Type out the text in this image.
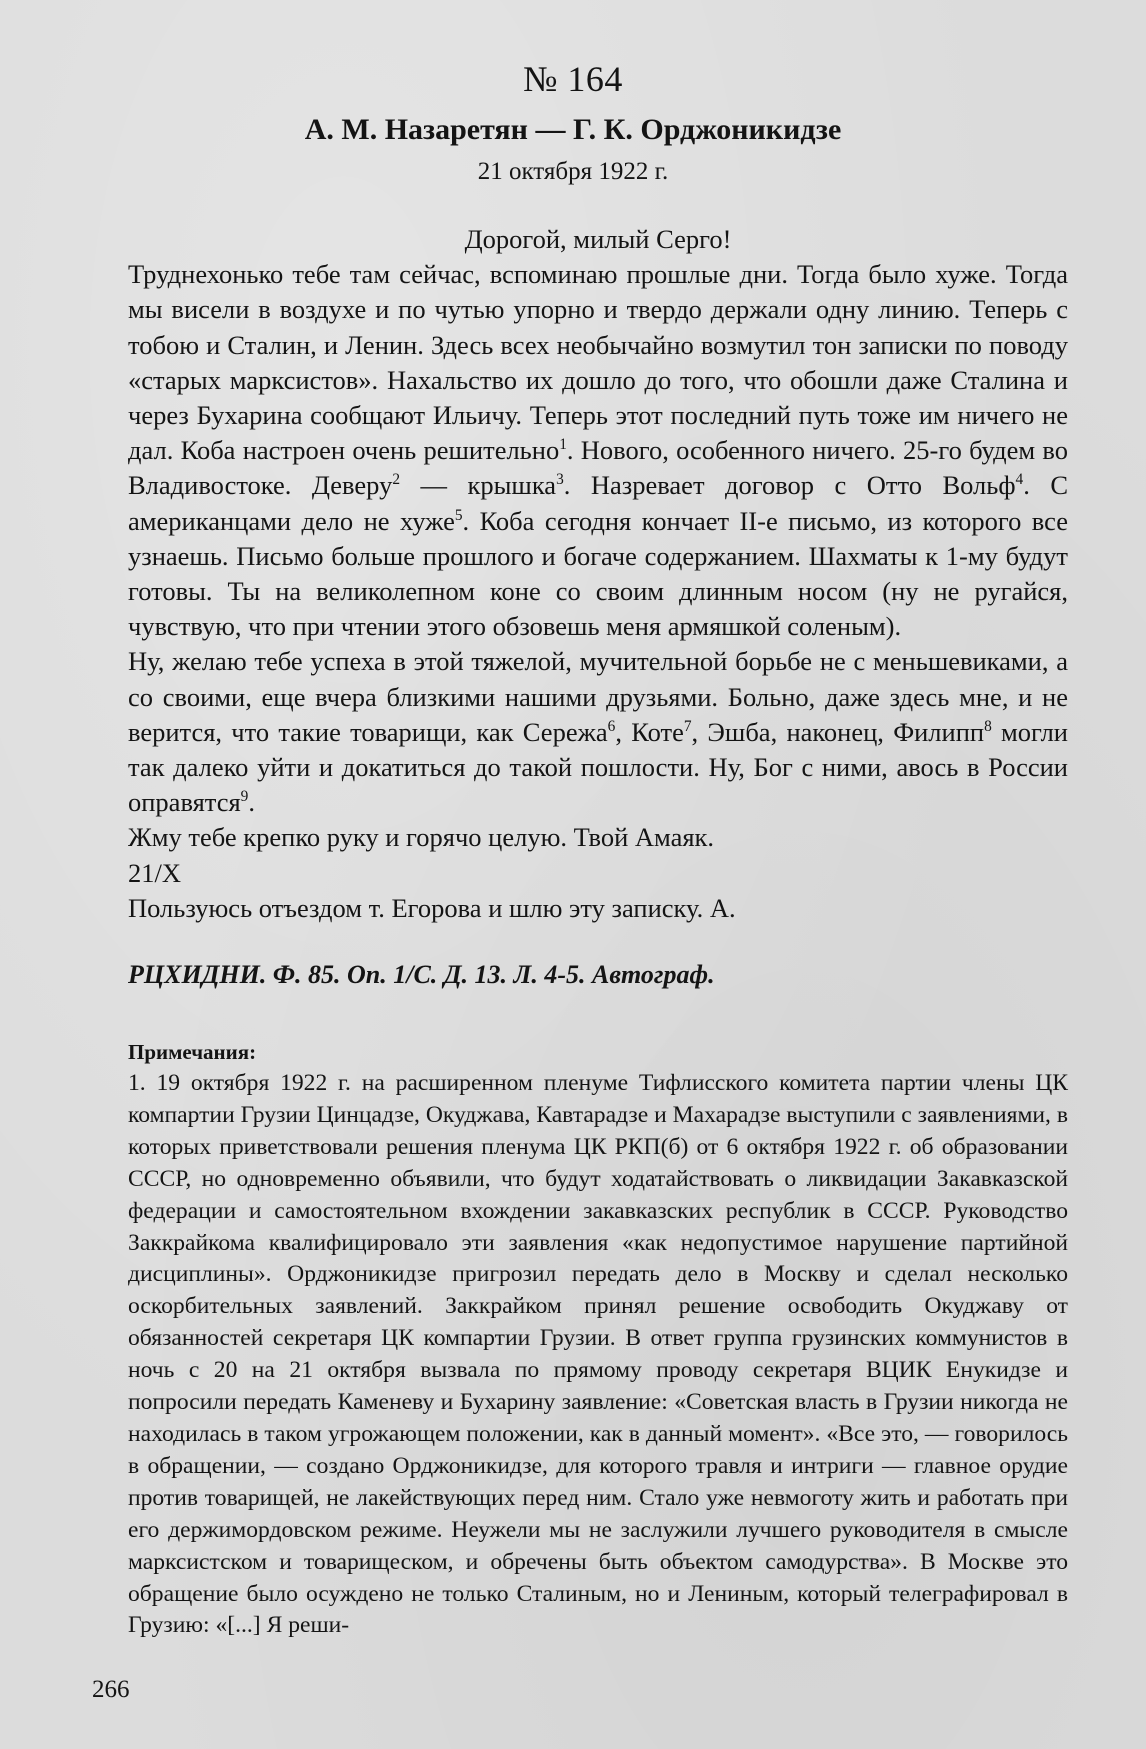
№ 164
А. М. Назаретян — Г. К. Орджоникидзе
21 октября 1922 г.

Дорогой, милый Серго!

Труднехонько тебе там сейчас, вспоминаю прошлые дни. Тогда было хуже. Тогда мы висели в воздухе и по чутью упорно и твердо держали одну линию. Теперь с тобою и Сталин, и Ленин. Здесь всех необычайно возмутил тон записки по поводу «старых марксистов». Нахальство их дошло до того, что обошли даже Сталина и через Бухарина сообщают Ильичу. Теперь этот последний путь тоже им ничего не дал. Коба настроен очень решительно$^1$. Нового, особенного ничего. 25-го будем во Владивостоке. Деверу$^2$ — крышка$^3$. Назревает договор с Отто Вольф$^4$. С американцами дело не хуже$^5$. Коба сегодня кончает II-е письмо, из которого все узнаешь. Письмо больше прошлого и богаче содержанием. Шахматы к 1-му будут готовы. Ты на великолепном коне со своим длинным носом (ну не ругайся, чувствую, что при чтении этого обзовешь меня армяшкой соленым).

Ну, желаю тебе успеха в этой тяжелой, мучительной борьбе не с меньшевиками, а со своими, еще вчера близкими нашими друзьями. Больно, даже здесь мне, и не верится, что такие товарищи, как Сережа$^6$, Коте$^7$, Эшба, наконец, Филипп$^8$ могли так далеко уйти и докатиться до такой пошлости. Ну, Бог с ними, авось в России оправятся$^9$.

Жму тебе крепко руку и горячо целую. Твой Амаяк.

21/X

Пользуюсь отъездом т. Егорова и шлю эту записку. А.

РЦХИДНИ. Ф. 85. Оп. 1/С. Д. 13. Л. 4-5. Автограф.
Примечания:

1. 19 октября 1922 г. на расширенном пленуме Тифлисского комитета партии члены ЦК компартии Грузии Цинцадзе, Окуджава, Кавтарадзе и Махарадзе выступили с заявлениями, в которых приветствовали решения пленума ЦК РКП(б) от 6 октября 1922 г. об образовании СССР, но одновременно объявили, что будут ходатайствовать о ликвидации Закавказской федерации и самостоятельном вхождении закавказских республик в СССР. Руководство Заккрайкома квалифицировало эти заявления «как недопустимое нарушение партийной дисциплины». Орджоникидзе пригрозил передать дело в Москву и сделал несколько оскорбительных заявлений. Заккрайком принял решение освободить Окуджаву от обязанностей секретаря ЦК компартии Грузии. В ответ группа грузинских коммунистов в ночь с 20 на 21 октября вызвала по прямому проводу секретаря ВЦИК Енукидзе и попросили передать Каменеву и Бухарину заявление: «Советская власть в Грузии никогда не находилась в таком угрожающем положении, как в данный момент». «Все это, — говорилось в обращении, — создано Орджоникидзе, для которого травля и интриги — главное орудие против товарищей, не лакействующих перед ним. Стало уже невмоготу жить и работать при его держимордовском режиме. Неужели мы не заслужили лучшего руководителя в смысле марксистском и товарищеском, и обречены быть объектом самодурства». В Москве это обращение было осуждено не только Сталиным, но и Лениным, который телеграфировал в Грузию: «[...] Я реши-

266
